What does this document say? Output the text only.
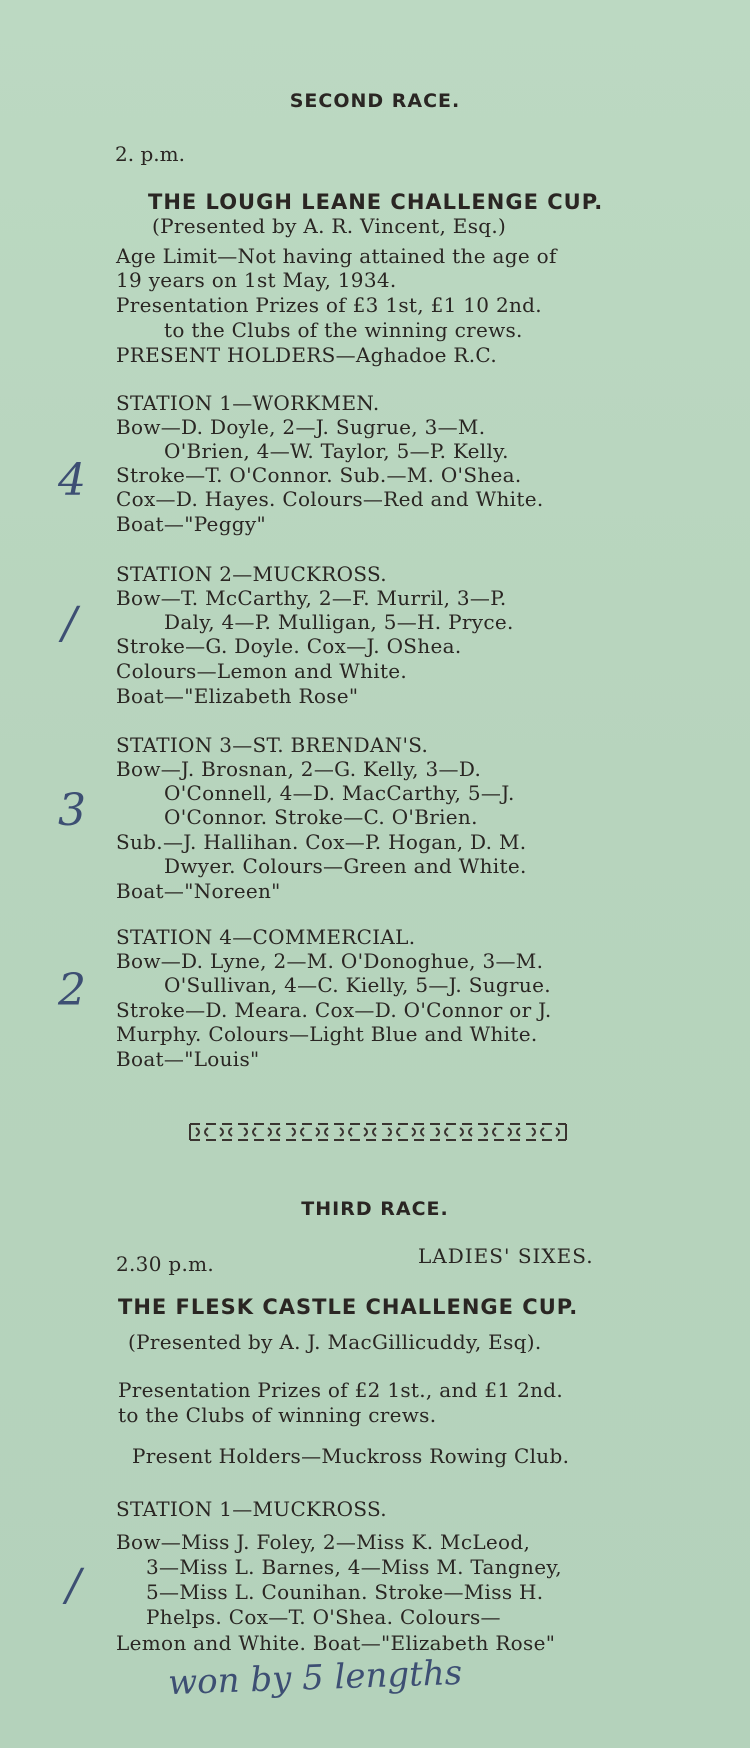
SECOND RACE.
2. p.m.
THE LOUGH LEANE CHALLENGE CUP.
(Presented by A. R. Vincent, Esq.)
Age Limit—Not having attained the age of
19 years on 1st May, 1934.
Presentation Prizes of £3 1st, £1 10 2nd.
to the Clubs of the winning crews.
PRESENT HOLDERS—Aghadoe R.C.
STATION 1—WORKMEN.
Bow—D. Doyle, 2—J. Sugrue, 3—M.
O'Brien, 4—W. Taylor, 5—P. Kelly.
Stroke—T. O'Connor. Sub.—M. O'Shea.
Cox—D. Hayes. Colours—Red and White.
Boat—"Peggy"
4
STATION 2—MUCKROSS.
Bow—T. McCarthy, 2—F. Murril, 3—P.
Daly, 4—P. Mulligan, 5—H. Pryce.
Stroke—G. Doyle. Cox—J. OShea.
Colours—Lemon and White.
Boat—"Elizabeth Rose"
/
STATION 3—ST. BRENDAN'S.
Bow—J. Brosnan, 2—G. Kelly, 3—D.
O'Connell, 4—D. MacCarthy, 5—J.
O'Connor. Stroke—C. O'Brien.
Sub.—J. Hallihan. Cox—P. Hogan, D. M.
Dwyer. Colours—Green and White.
Boat—"Noreen"
3
STATION 4—COMMERCIAL.
Bow—D. Lyne, 2—M. O'Donoghue, 3—M.
O'Sullivan, 4—C. Kielly, 5—J. Sugrue.
Stroke—D. Meara. Cox—D. O'Connor or J.
Murphy. Colours—Light Blue and White.
Boat—"Louis"
2
THIRD RACE.
2.30 p.m.	LADIES' SIXES.
THE FLESK CASTLE CHALLENGE CUP.
(Presented by A. J. MacGillicuddy, Esq).
Presentation Prizes of £2 1st., and £1 2nd.
to the Clubs of winning crews.
Present Holders—Muckross Rowing Club.
STATION 1—MUCKROSS.
Bow—Miss J. Foley, 2—Miss K. McLeod,
3—Miss L. Barnes, 4—Miss M. Tangney,
5—Miss L. Counihan. Stroke—Miss H.
Phelps. Cox—T. O'Shea. Colours—
Lemon and White. Boat—"Elizabeth Rose"
/
won by 5 lengths
